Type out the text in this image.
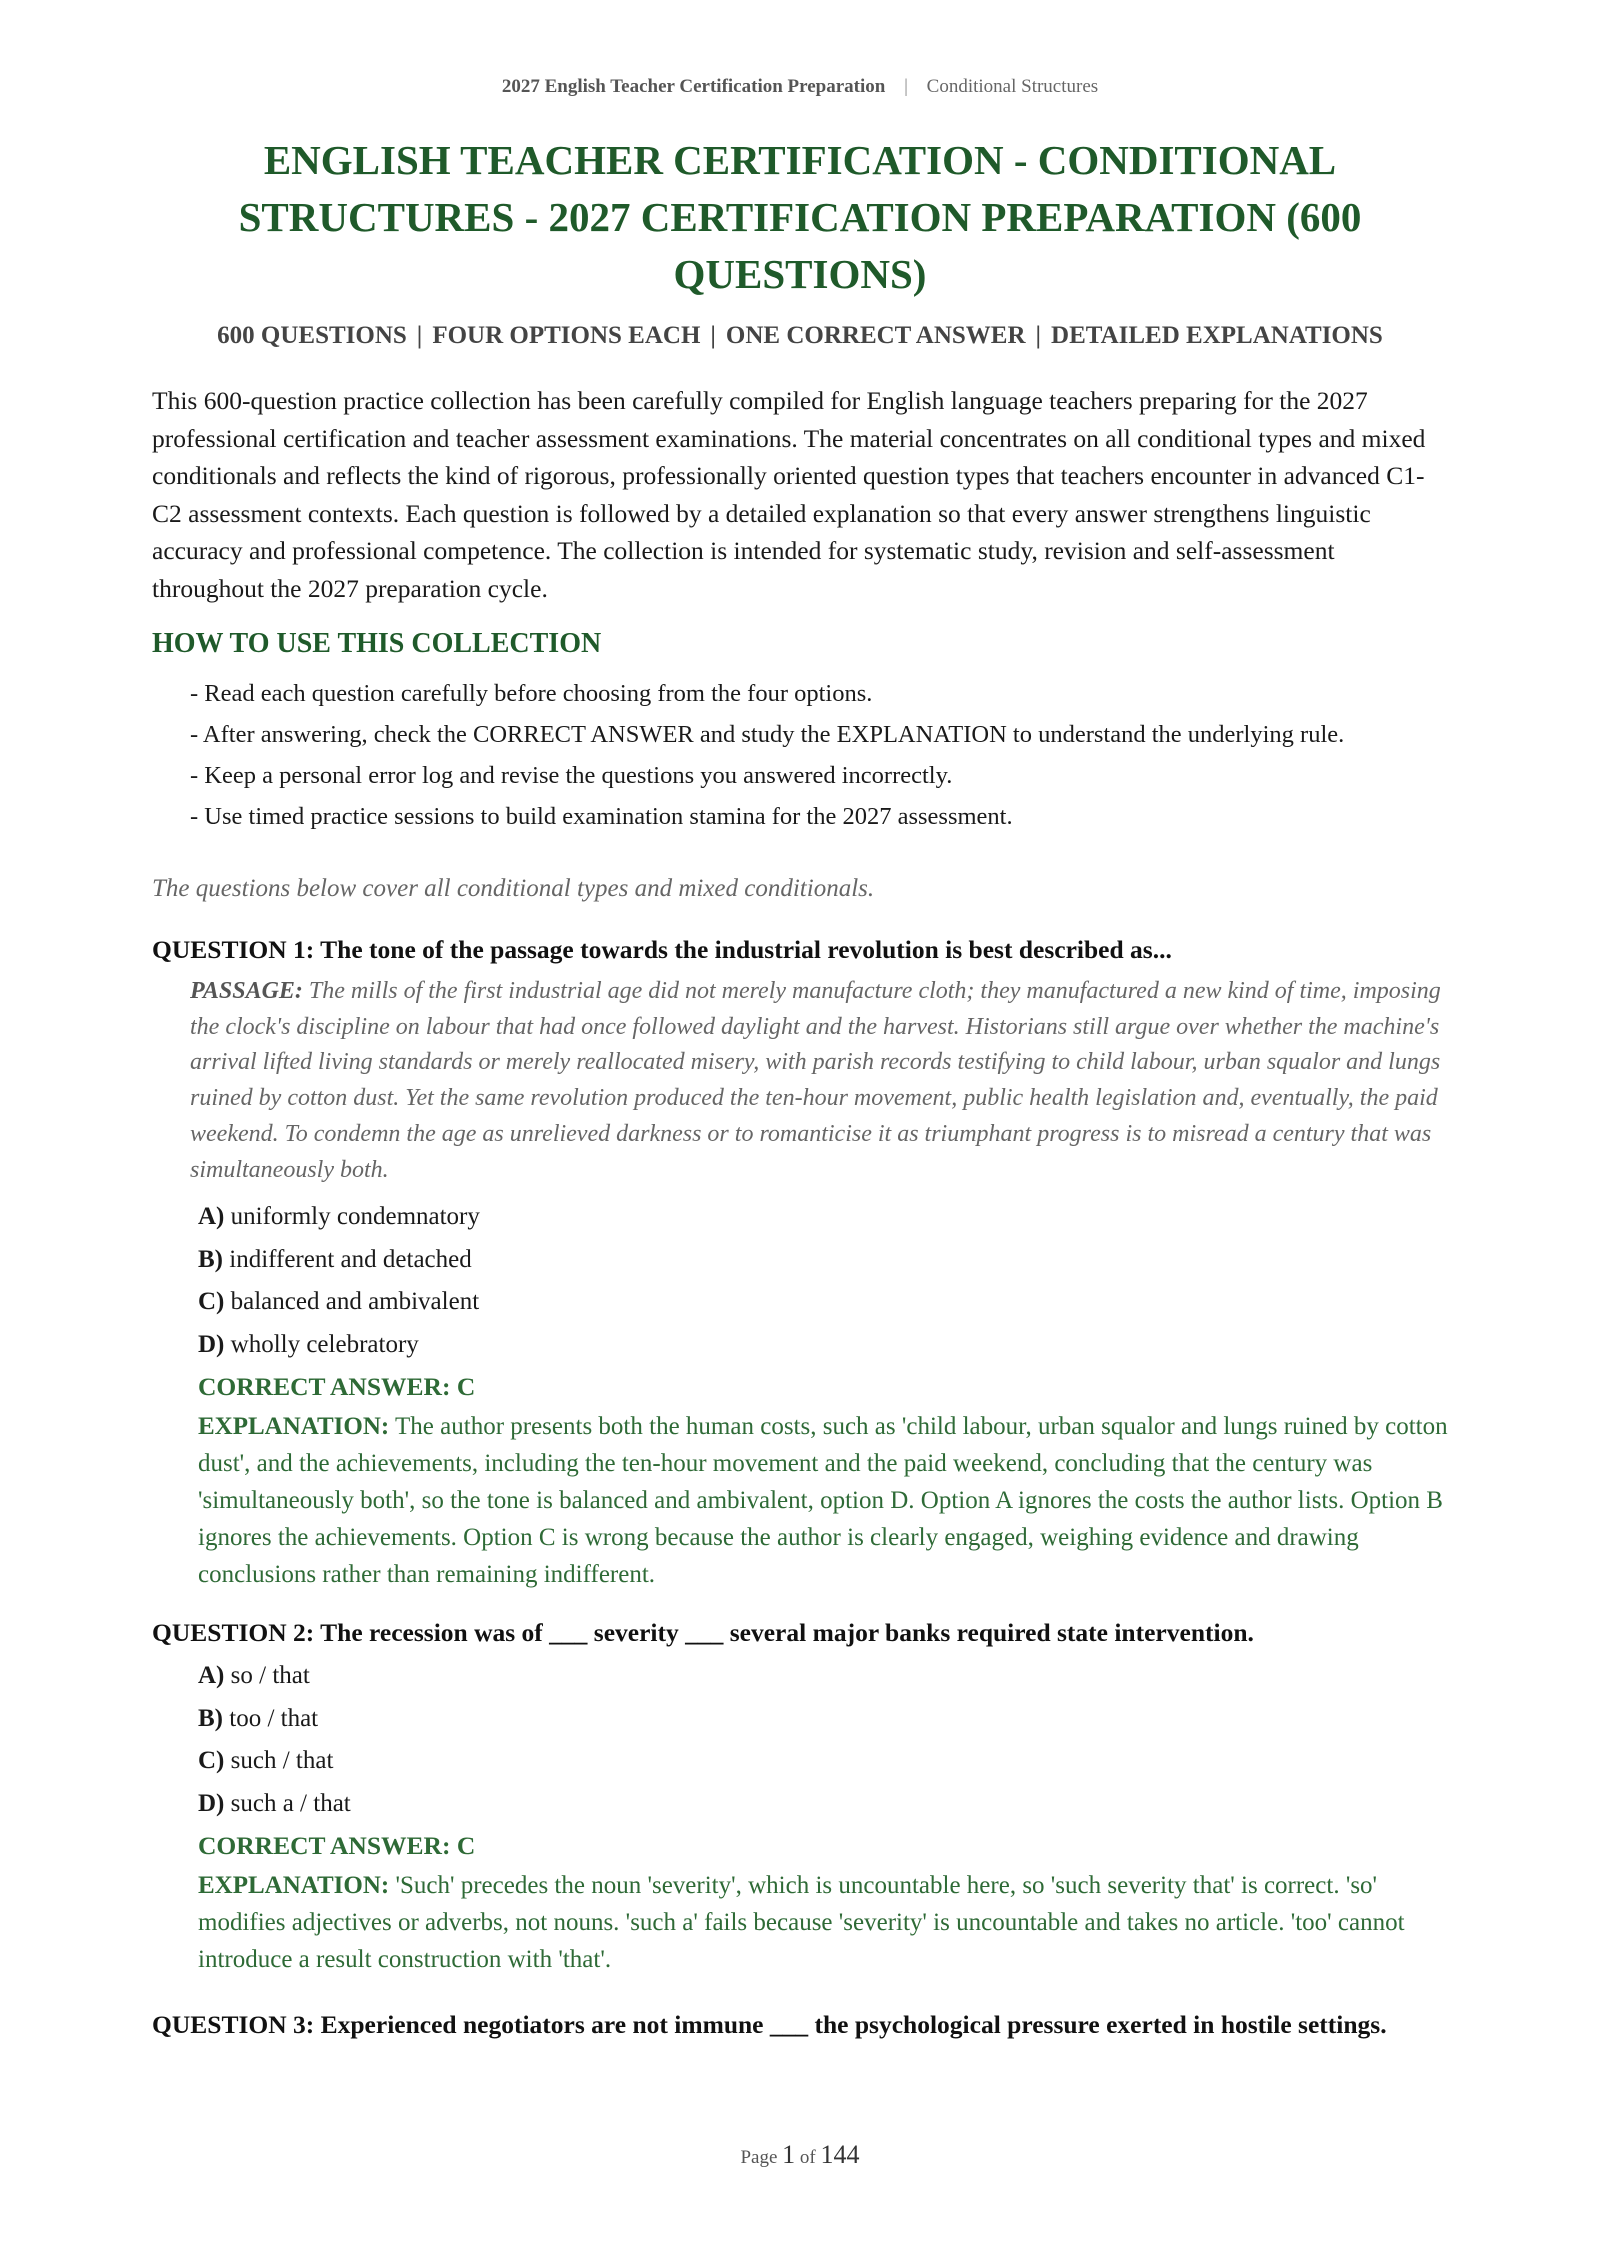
2027 English Teacher Certification Preparation | Conditional Structures
ENGLISH TEACHER CERTIFICATION - CONDITIONAL STRUCTURES - 2027 CERTIFICATION PREPARATION (600 QUESTIONS)
600 QUESTIONS | FOUR OPTIONS EACH | ONE CORRECT ANSWER | DETAILED EXPLANATIONS

This 600-question practice collection has been carefully compiled for English language teachers preparing for the 2027 professional certification and teacher assessment examinations. The material concentrates on all conditional types and mixed conditionals and reflects the kind of rigorous, professionally oriented question types that teachers encounter in advanced C1-C2 assessment contexts. Each question is followed by a detailed explanation so that every answer strengthens linguistic accuracy and professional competence. The collection is intended for systematic study, revision and self-assessment throughout the 2027 preparation cycle.

HOW TO USE THIS COLLECTION
- Read each question carefully before choosing from the four options.
- After answering, check the CORRECT ANSWER and study the EXPLANATION to understand the underlying rule.
- Keep a personal error log and revise the questions you answered incorrectly.
- Use timed practice sessions to build examination stamina for the 2027 assessment.
The questions below cover all conditional types and mixed conditionals.
QUESTION 1: The tone of the passage towards the industrial revolution is best described as...
PASSAGE: The mills of the first industrial age did not merely manufacture cloth; they manufactured a new kind of time, imposing the clock's discipline on labour that had once followed daylight and the harvest. Historians still argue over whether the machine's arrival lifted living standards or merely reallocated misery, with parish records testifying to child labour, urban squalor and lungs ruined by cotton dust. Yet the same revolution produced the ten-hour movement, public health legislation and, eventually, the paid weekend. To condemn the age as unrelieved darkness or to romanticise it as triumphant progress is to misread a century that was simultaneously both.
A) uniformly condemnatory
B) indifferent and detached
C) balanced and ambivalent
D) wholly celebratory
CORRECT ANSWER: C
EXPLANATION: The author presents both the human costs, such as 'child labour, urban squalor and lungs ruined by cotton dust', and the achievements, including the ten-hour movement and the paid weekend, concluding that the century was 'simultaneously both', so the tone is balanced and ambivalent, option D. Option A ignores the costs the author lists. Option B ignores the achievements. Option C is wrong because the author is clearly engaged, weighing evidence and drawing conclusions rather than remaining indifferent.
QUESTION 2: The recession was of ___ severity ___ several major banks required state intervention.
A) so / that
B) too / that
C) such / that
D) such a / that
CORRECT ANSWER: C
EXPLANATION: 'Such' precedes the noun 'severity', which is uncountable here, so 'such severity that' is correct. 'so' modifies adjectives or adverbs, not nouns. 'such a' fails because 'severity' is uncountable and takes no article. 'too' cannot introduce a result construction with 'that'.
QUESTION 3: Experienced negotiators are not immune ___ the psychological pressure exerted in hostile settings.
Page 1 of 144
